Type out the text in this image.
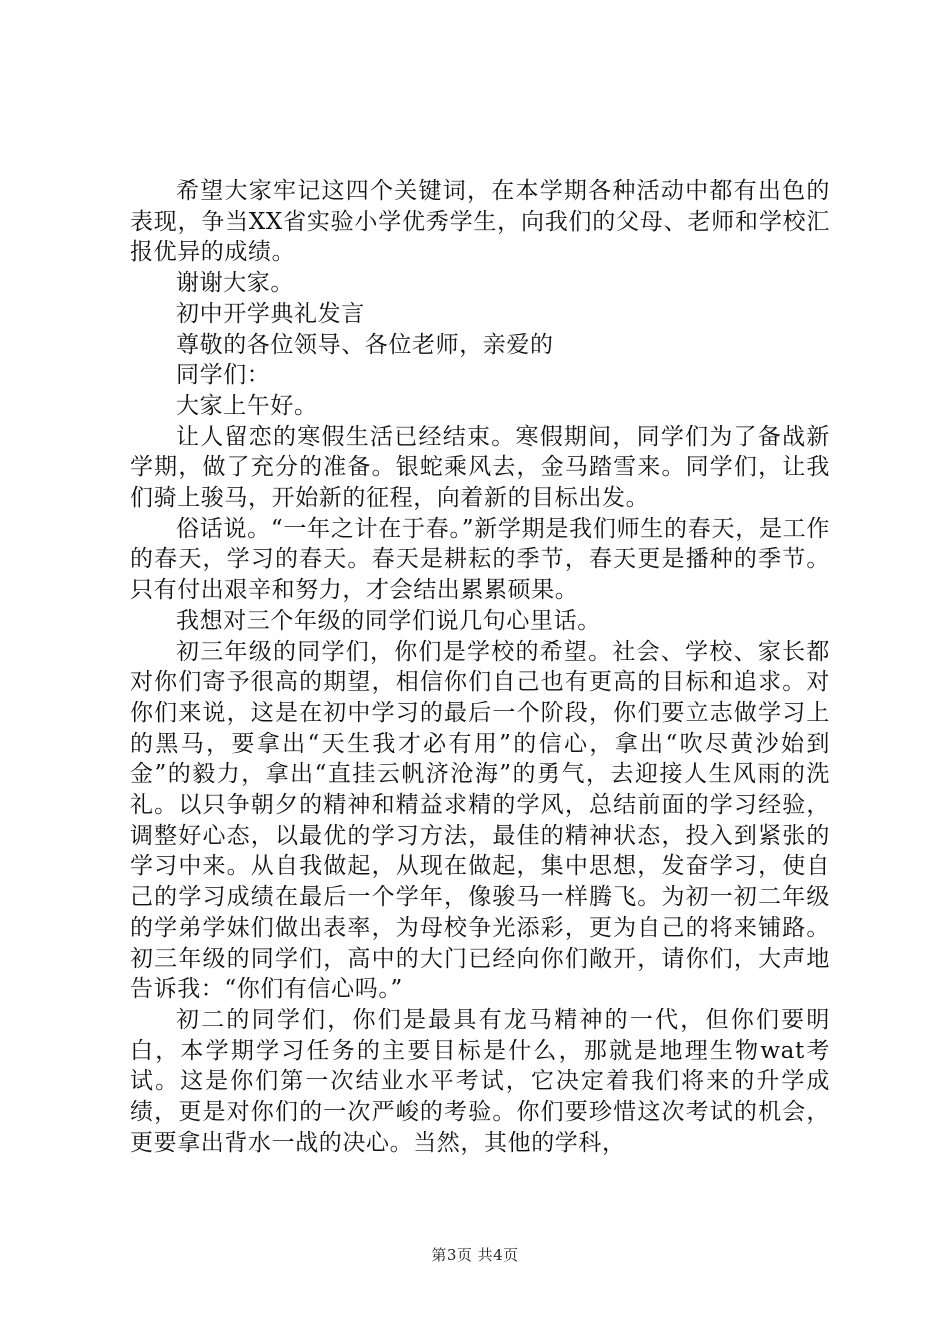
希望大家牢记这四个关键词，在本学期各种活动中都有出色的表现，争当XX省实验小学优秀学生，向我们的父母、老师和学校汇报优异的成绩。

谢谢大家。

初中开学典礼发言

尊敬的各位领导、各位老师，亲爱的

同学们：

大家上午好。

让人留恋的寒假生活已经结束。寒假期间，同学们为了备战新学期，做了充分的准备。银蛇乘风去，金马踏雪来。同学们，让我们骑上骏马，开始新的征程，向着新的目标出发。

俗话说。“一年之计在于春。”新学期是我们师生的春天，是工作的春天，学习的春天。春天是耕耘的季节，春天更是播种的季节。只有付出艰辛和努力，才会结出累累硕果。

我想对三个年级的同学们说几句心里话。

初三年级的同学们，你们是学校的希望。社会、学校、家长都对你们寄予很高的期望，相信你们自己也有更高的目标和追求。对你们来说，这是在初中学习的最后一个阶段，你们要立志做学习上的黑马，要拿出“天生我才必有用”的信心，拿出“吹尽黄沙始到金”的毅力，拿出“直挂云帆济沧海”的勇气，去迎接人生风雨的洗礼。以只争朝夕的精神和精益求精的学风，总结前面的学习经验，调整好心态，以最优的学习方法，最佳的精神状态，投入到紧张的学习中来。从自我做起，从现在做起，集中思想，发奋学习，使自己的学习成绩在最后一个学年，像骏马一样腾飞。为初一初二年级的学弟学妹们做出表率，为母校争光添彩，更为自己的将来铺路。初三年级的同学们，高中的大门已经向你们敞开，请你们，大声地告诉我：“你们有信心吗。”

初二的同学们，你们是最具有龙马精神的一代，但你们要明白，本学期学习任务的主要目标是什么，那就是地理生物wat考试。这是你们第一次结业水平考试，它决定着我们将来的升学成绩，更是对你们的一次严峻的考验。你们要珍惜这次考试的机会，更要拿出背水一战的决心。当然，其他的学科，

第3页 共4页
